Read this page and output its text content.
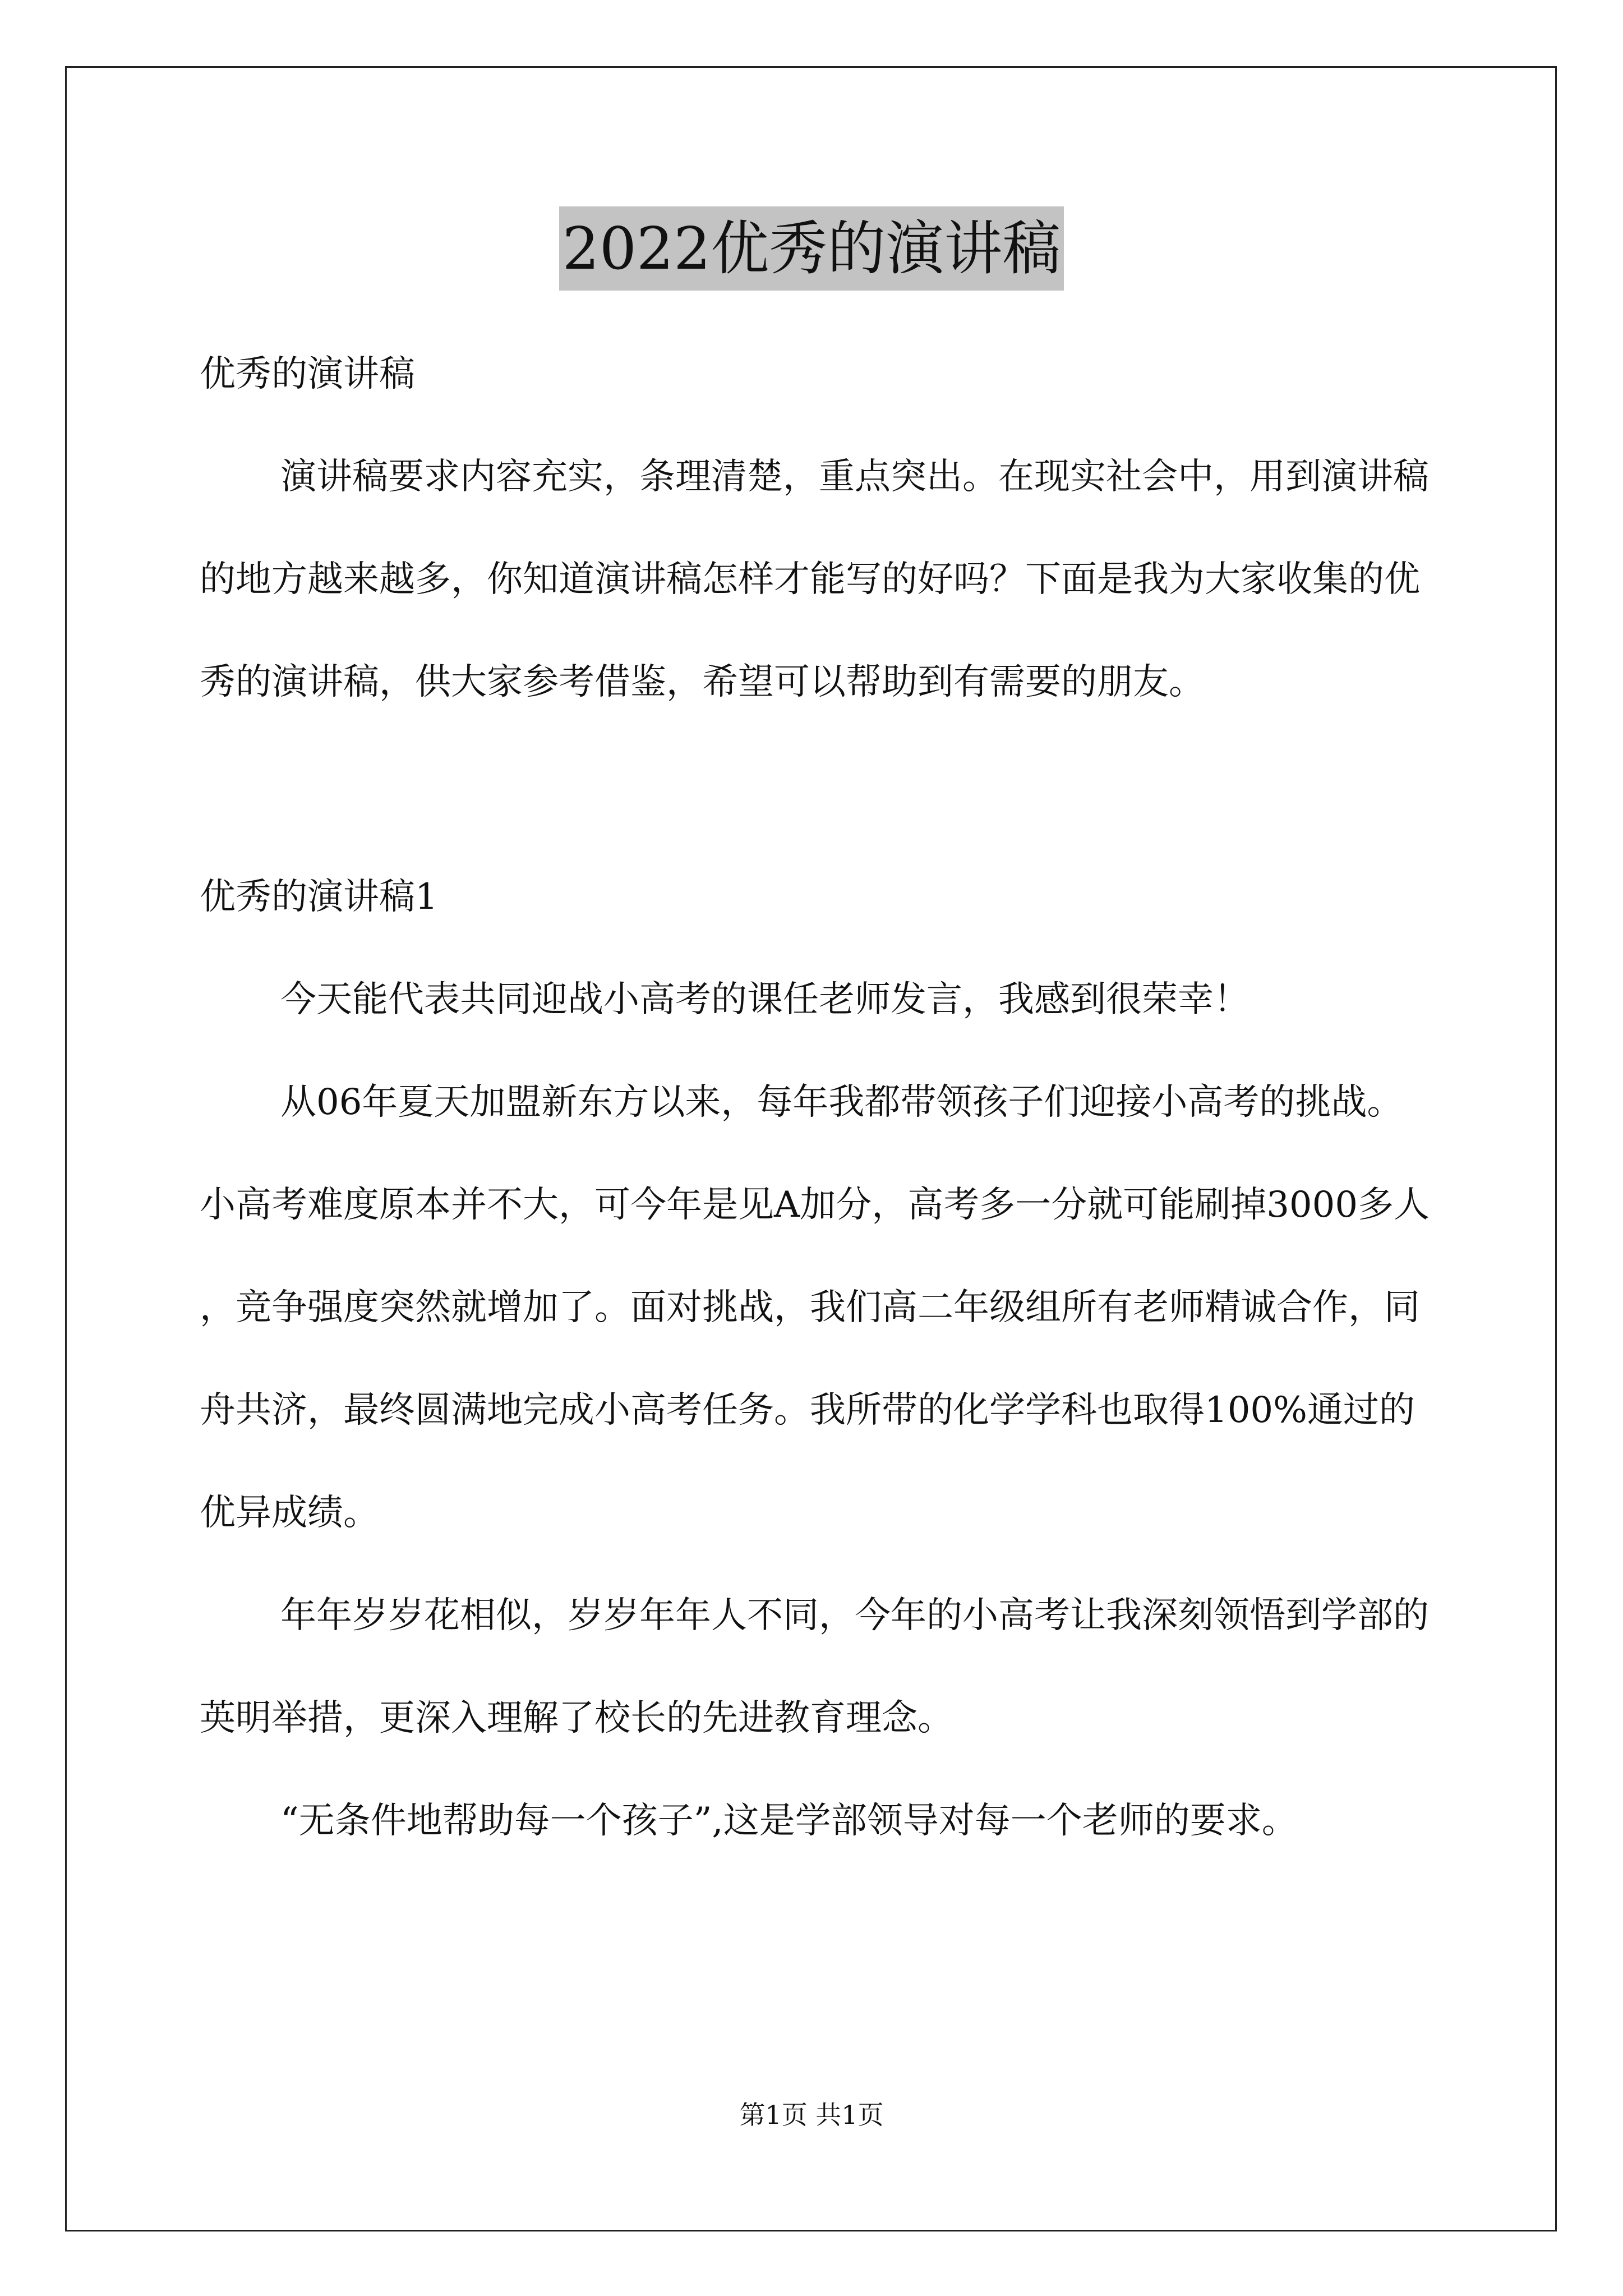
2022优秀的演讲稿

优秀的演讲稿

演讲稿要求内容充实，条理清楚，重点突出。在现实社会中，用到演讲稿的地方越来越多，你知道演讲稿怎样才能写的好吗？下面是我为大家收集的优秀的演讲稿，供大家参考借鉴，希望可以帮助到有需要的朋友。

优秀的演讲稿1

今天能代表共同迎战小高考的课任老师发言，我感到很荣幸！

从06年夏天加盟新东方以来，每年我都带领孩子们迎接小高考的挑战。小高考难度原本并不大，可今年是见A加分，高考多一分就可能刷掉3000多人 ，竞争强度突然就增加了。面对挑战，我们高二年级组所有老师精诚合作，同舟共济，最终圆满地完成小高考任务。我所带的化学学科也取得100%通过的优异成绩。

年年岁岁花相似，岁岁年年人不同，今年的小高考让我深刻领悟到学部的英明举措，更深入理解了校长的先进教育理念。

“无条件地帮助每一个孩子”,这是学部领导对每一个老师的要求。

第1页 共1页
